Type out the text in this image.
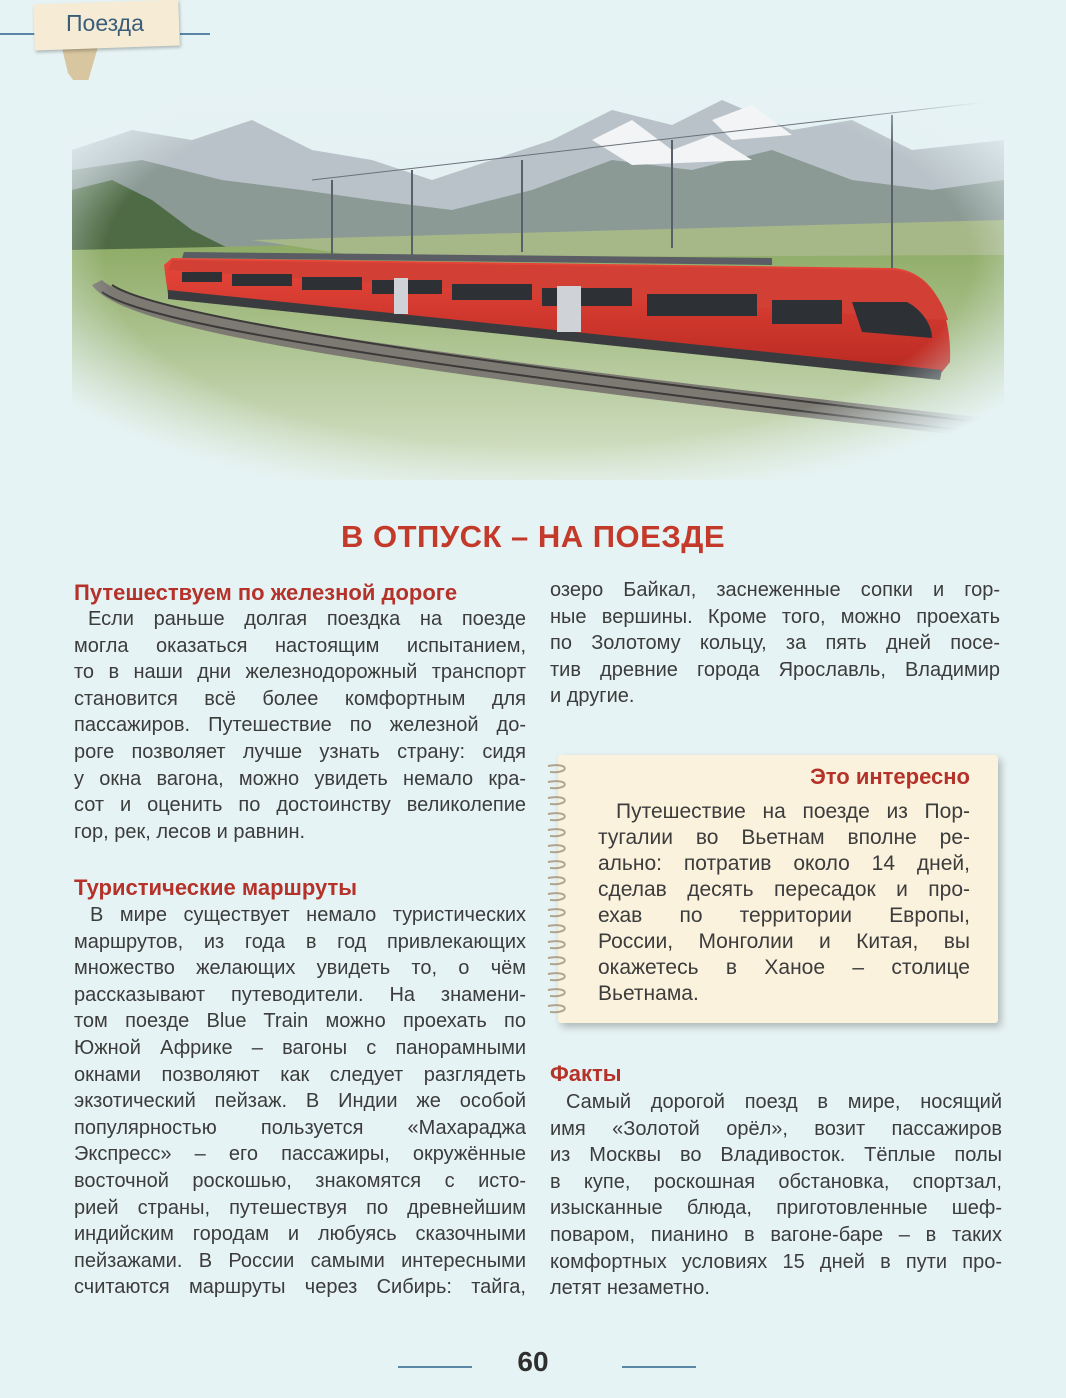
Поезда
В ОТПУСК – НА ПОЕЗДЕ
Путешествуем по железной дороге
Если раньше долгая поездка на поезде
могла оказаться настоящим испытанием,
то в наши дни железнодорожный транспорт
становится всё более комфортным для
пассажиров. Путешествие по железной до-
роге позволяет лучше узнать страну: сидя
у окна вагона, можно увидеть немало кра-
сот и оценить по достоинству великолепие
гор, рек, лесов и равнин.
Туристические маршруты
В мире существует немало туристических
маршрутов, из года в год привлекающих
множество желающих увидеть то, о чём
рассказывают путеводители. На знамени-
том поезде Blue Train можно проехать по
Южной Африке – вагоны с панорамными
окнами позволяют как следует разглядеть
экзотический пейзаж. В Индии же особой
популярностью пользуется «Махараджа
Экспресс» – его пассажиры, окружённые
восточной роскошью, знакомятся с исто-
рией страны, путешествуя по древнейшим
индийским городам и любуясь сказочными
пейзажами. В России самыми интересными
считаются маршруты через Сибирь: тайга,
озеро Байкал, заснеженные сопки и гор-
ные вершины. Кроме того, можно проехать
по Золотому кольцу, за пять дней посе-
тив древние города Ярославль, Владимир
и другие.
Это интересно
Путешествие на поезде из Пор-
тугалии во Вьетнам вполне ре-
ально: потратив около 14 дней,
сделав десять пересадок и про-
ехав по территории Европы,
России, Монголии и Китая, вы
окажетесь в Ханое – столице
Вьетнама.
Факты
Самый дорогой поезд в мире, носящий
имя «Золотой орёл», возит пассажиров
из Москвы во Владивосток. Тёплые полы
в купе, роскошная обстановка, спортзал,
изысканные блюда, приготовленные шеф-
поваром, пианино в вагоне-баре – в таких
комфортных условиях 15 дней в пути про-
летят незаметно.
60
